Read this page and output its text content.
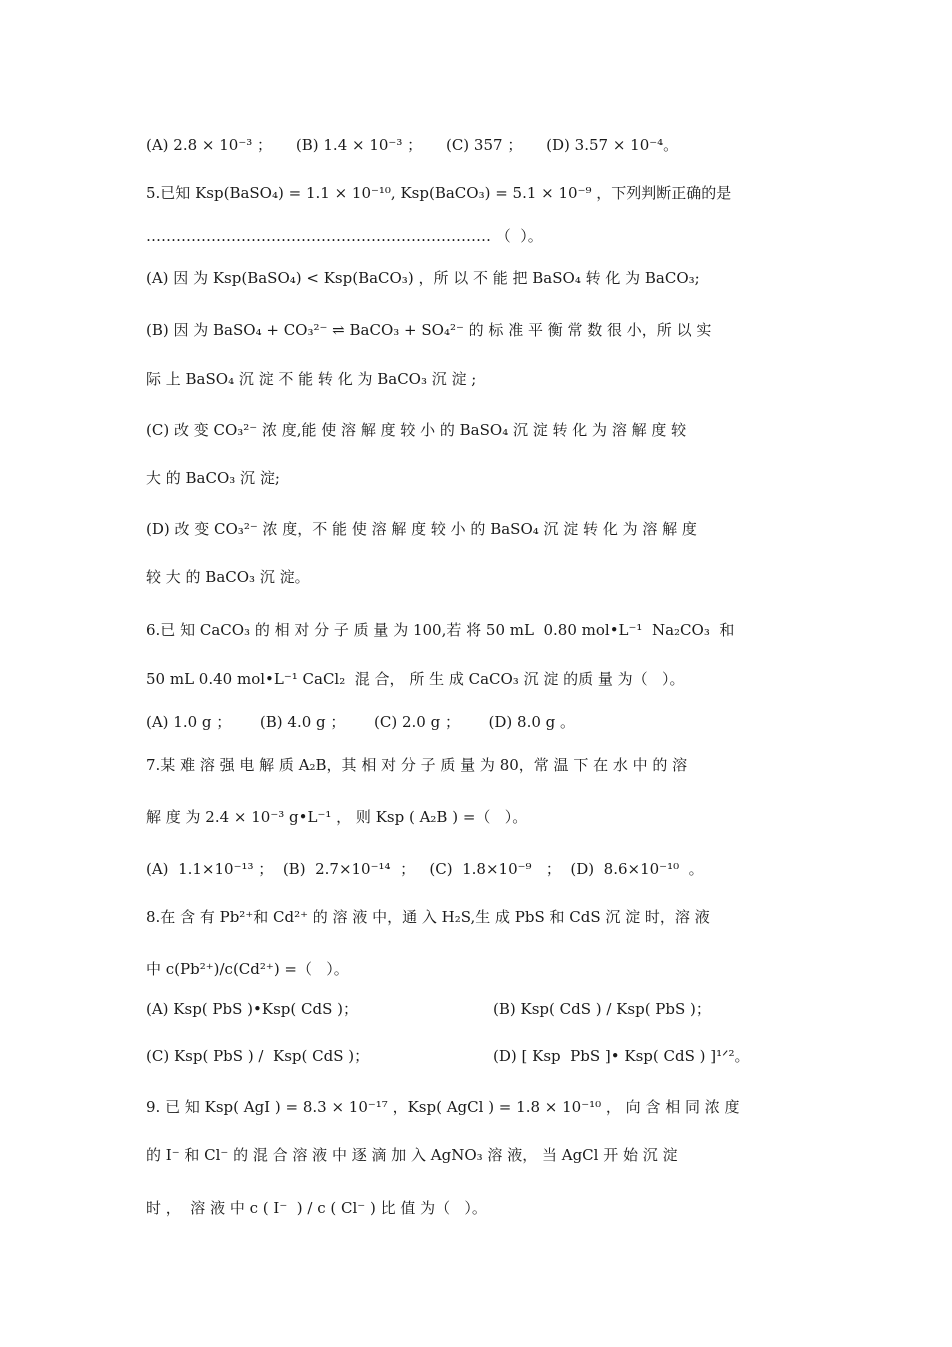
(A) 2.8 × 10⁻³ ；     (B) 1.4 × 10⁻³ ；     (C) 357 ；     (D) 3.57 × 10⁻⁴。
5.已知 Ksp(BaSO₄) = 1.1 × 10⁻¹⁰, Ksp(BaCO₃) = 5.1 × 10⁻⁹ ，下列判断正确的是
…………………………………………………………… （  ）。
(A) 因 为 Ksp(BaSO₄) < Ksp(BaCO₃) ，所 以 不 能 把 BaSO₄ 转 化 为 BaCO₃;
(B) 因 为 BaSO₄ + CO₃²⁻ ⇌ BaCO₃ + SO₄²⁻ 的 标 准 平 衡 常 数 很 小，所 以 实
际 上 BaSO₄ 沉 淀 不 能 转 化 为 BaCO₃ 沉 淀 ;
(C) 改 变 CO₃²⁻ 浓 度,能 使 溶 解 度 较 小 的 BaSO₄ 沉 淀 转 化 为 溶 解 度 较
大 的 BaCO₃ 沉 淀;
(D) 改 变 CO₃²⁻ 浓 度，不 能 使 溶 解 度 较 小 的 BaSO₄ 沉 淀 转 化 为 溶 解 度
较 大 的 BaCO₃ 沉 淀。
6.已 知 CaCO₃ 的 相 对 分 子 质 量 为 100,若 将 50 mL  0.80 mol•L⁻¹  Na₂CO₃  和
50 mL 0.40 mol•L⁻¹ CaCl₂  混 合， 所 生 成 CaCO₃ 沉 淀 的质 量 为（   ）。
(A) 1.0 g ；      (B) 4.0 g ；      (C) 2.0 g ；      (D) 8.0 g 。
7.某 难 溶 强 电 解 质 A₂B，其 相 对 分 子 质 量 为 80，常 温 下 在 水 中 的 溶
解 度 为 2.4 × 10⁻³ g•L⁻¹ ， 则 Ksp ( A₂B ) =（   ）。
(A)  1.1×10⁻¹³ ；  (B)  2.7×10⁻¹⁴  ；   (C)  1.8×10⁻⁹   ；  (D)  8.6×10⁻¹⁰  。
8.在 含 有 Pb²⁺和 Cd²⁺ 的 溶 液 中，通 入 H₂S,生 成 PbS 和 CdS 沉 淀 时，溶 液
中 c(Pb²⁺)/c(Cd²⁺) =（   ）。
(A) Ksp( PbS )•Ksp( CdS )；	(B) Ksp( CdS ) / Ksp( PbS )；
(C) Ksp( PbS ) /  Ksp( CdS )；	(D) [ Ksp  PbS ]• Ksp( CdS ) ]¹ᐟ²。
9. 已 知 Ksp( AgI ) = 8.3 × 10⁻¹⁷ ，Ksp( AgCl ) = 1.8 × 10⁻¹⁰ ， 向 含 相 同 浓 度
的 I⁻ 和 Cl⁻ 的 混 合 溶 液 中 逐 滴 加 入 AgNO₃ 溶 液， 当 AgCl 开 始 沉 淀
时 ，  溶 液 中 c ( I⁻  ) / c ( Cl⁻ ) 比 值 为（   ）。
